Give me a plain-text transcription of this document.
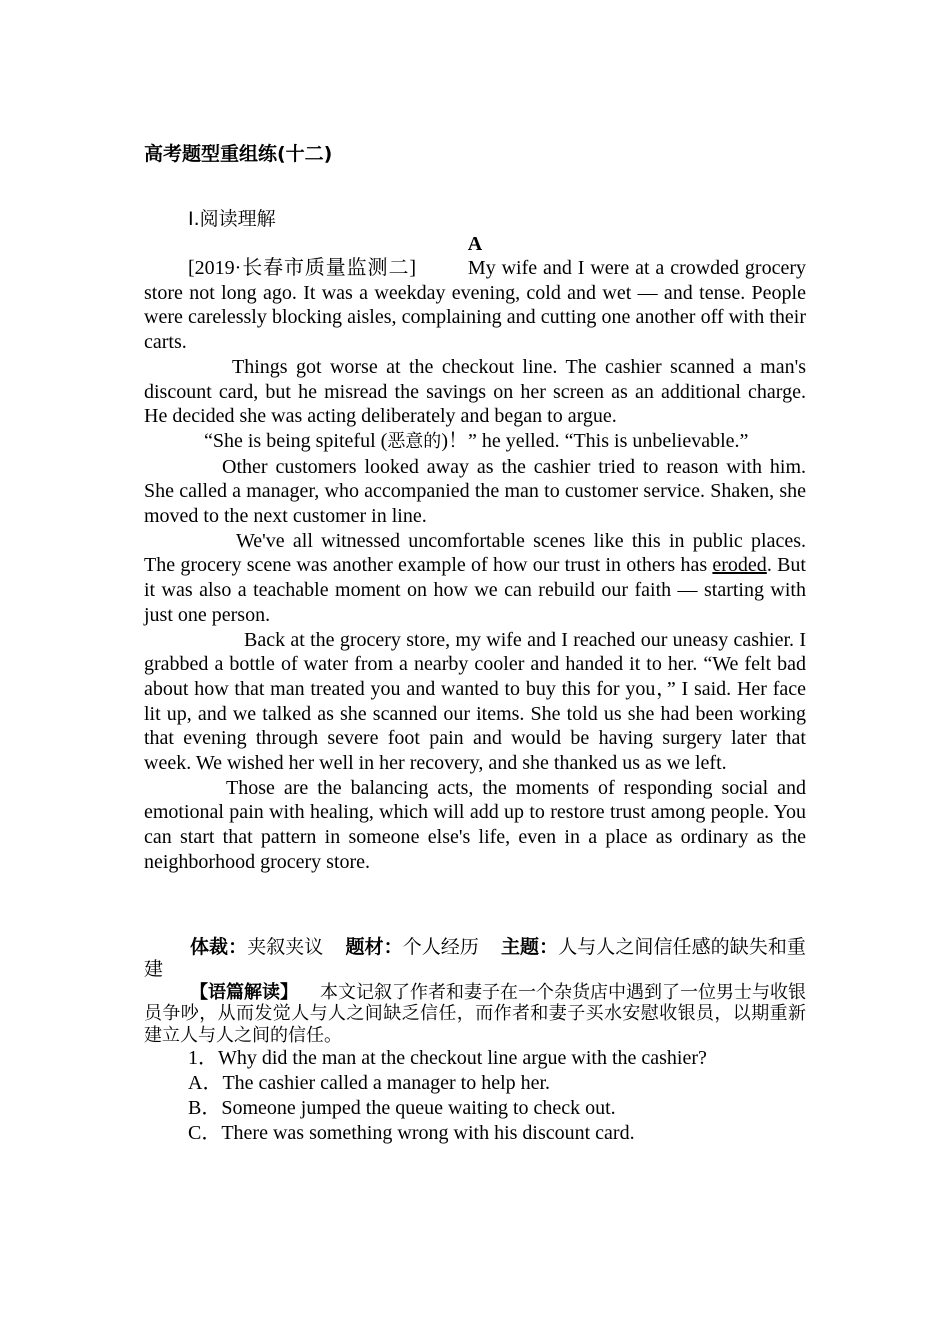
高考题型重组练(十二)
Ⅰ.阅读理解
A

[2019·长春市质量监测二]	My wife and I were at a crowded grocery store not long ago. It was a weekday evening, cold and wet — and tense. People were carelessly blocking aisles, complaining and cutting one another off with their carts.

Things got worse at the checkout line. The cashier scanned a man's discount card, but he misread the savings on her screen as an additional charge. He decided she was acting deliberately and began to argue.

“She is being spiteful (恶意的)！” he yelled. “This is unbelievable.”

Other customers looked away as the cashier tried to reason with him. She called a manager, who accompanied the man to customer service. Shaken, she moved to the next customer in line.

We've all witnessed uncomfortable scenes like this in public places. The grocery scene was another example of how our trust in others has eroded. But it was also a teachable moment on how we can rebuild our faith — starting with just one person.

Back at the grocery store, my wife and I reached our uneasy cashier. I grabbed a bottle of water from a nearby cooler and handed it to her. “We felt bad about how that man treated you and wanted to buy this for you，” I said. Her face lit up, and we talked as she scanned our items. She told us she had been working that evening through severe foot pain and would be having surgery later that week. We wished her well in her recovery, and she thanked us as we left.

Those are the balancing acts, the moments of responding social and emotional pain with healing, which will add up to restore trust among people. You can start that pattern in someone else's life, even in a place as ordinary as the neighborhood grocery store.

体裁：夹叙夹议 题材：个人经历 主题：人与人之间信任感的缺失和重建

【语篇解读】 本文记叙了作者和妻子在一个杂货店中遇到了一位男士与收银员争吵，从而发觉人与人之间缺乏信任，而作者和妻子买水安慰收银员，以期重新建立人与人之间的信任。

1．Why did the man at the checkout line argue with the cashier?

A．The cashier called a manager to help her.

B．Someone jumped the queue waiting to check out.

C．There was something wrong with his discount card.
